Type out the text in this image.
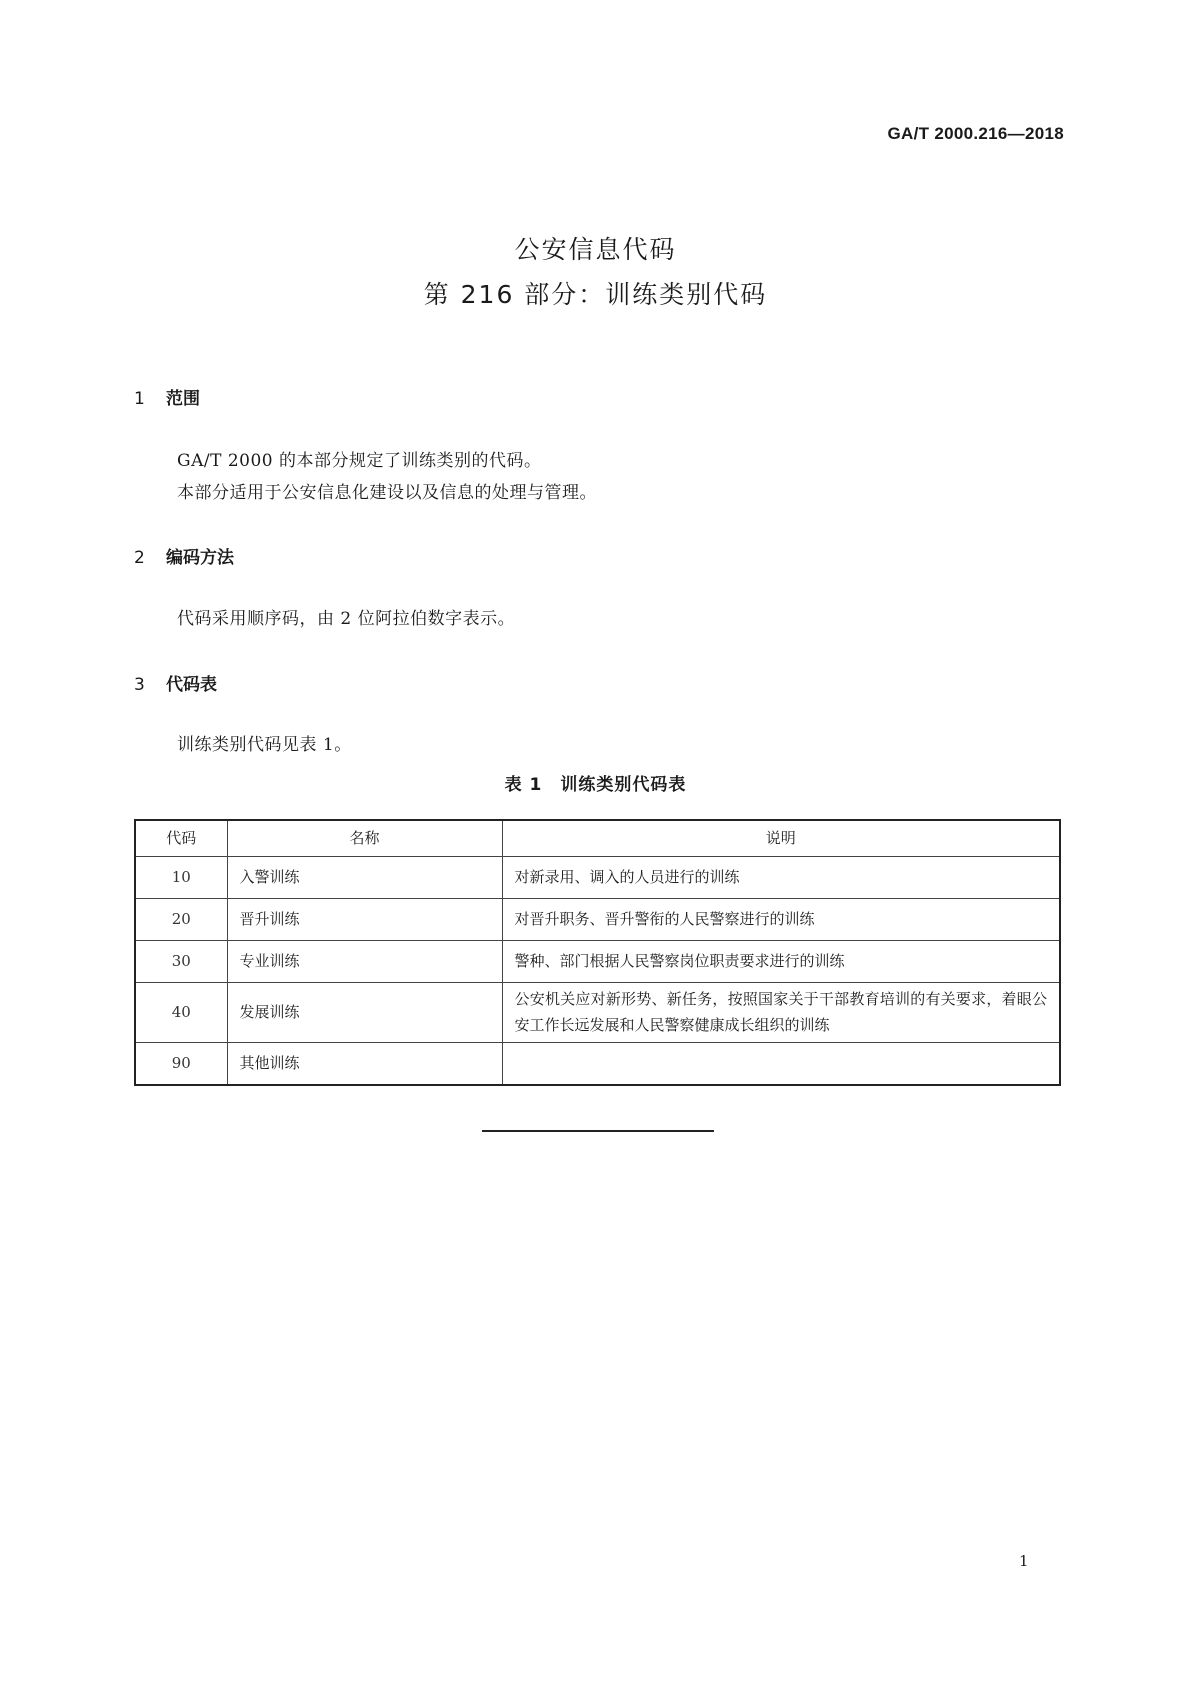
GA/T 2000.216—2018
公安信息代码
第 216 部分：训练类别代码
1 范围
GA/T 2000 的本部分规定了训练类别的代码。
本部分适用于公安信息化建设以及信息的处理与管理。
2 编码方法
代码采用顺序码，由 2 位阿拉伯数字表示。
3 代码表
训练类别代码见表 1。
表 1　训练类别代码表
代码	名称	说明
10	入警训练	对新录用、调入的人员进行的训练
20	晋升训练	对晋升职务、晋升警衔的人民警察进行的训练
30	专业训练	警种、部门根据人民警察岗位职责要求进行的训练
40	发展训练	公安机关应对新形势、新任务，按照国家关于干部教育培训的有关要求，着眼公安工作长远发展和人民警察健康成长组织的训练
90	其他训练	
1
